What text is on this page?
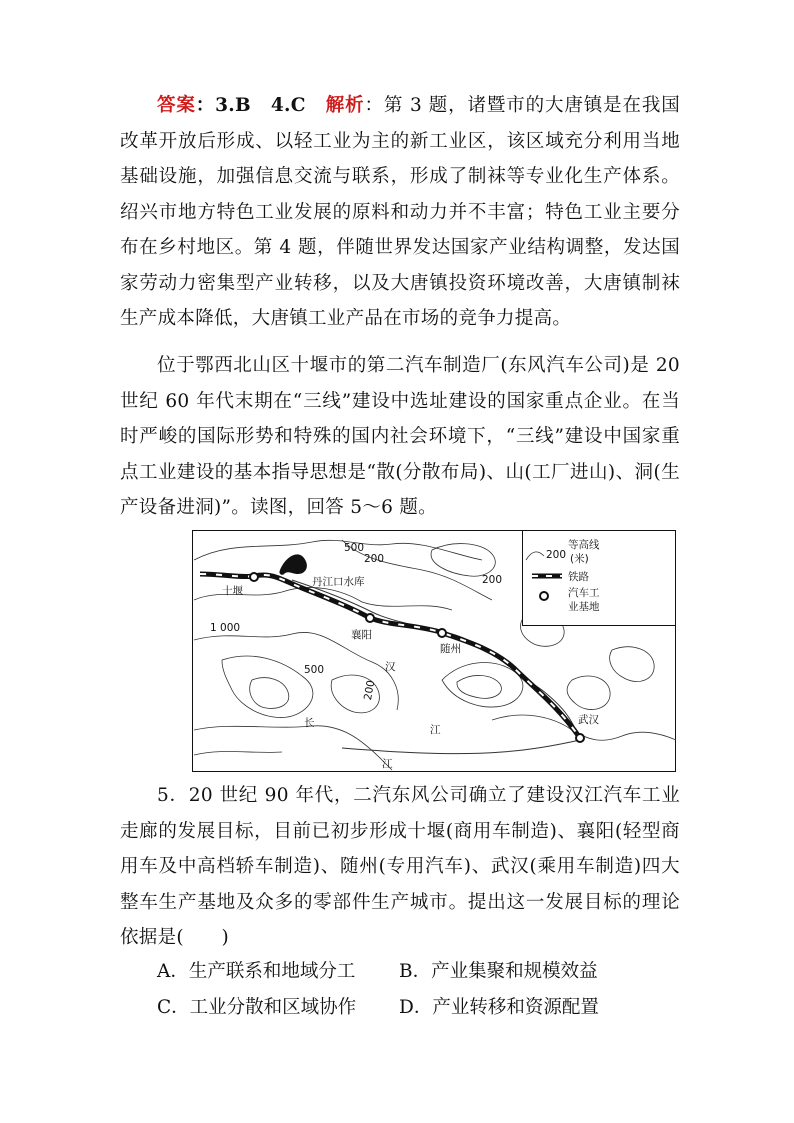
答案：3.B　4.C　解析：第 3 题，诸暨市的大唐镇是在我国改革开放后形成、以轻工业为主的新工业区，该区域充分利用当地基础设施，加强信息交流与联系，形成了制袜等专业化生产体系。绍兴市地方特色工业发展的原料和动力并不丰富；特色工业主要分布在乡村地区。第 4 题，伴随世界发达国家产业结构调整，发达国家劳动力密集型产业转移，以及大唐镇投资环境改善，大唐镇制袜生产成本降低，大唐镇工业产品在市场的竞争力提高。
位于鄂西北山区十堰市的第二汽车制造厂(东风汽车公司)是 20 世纪 60 年代末期在“三线”建设中选址建设的国家重点企业。在当时严峻的国际形势和特殊的国内社会环境下，“三线”建设中国家重点工业建设的基本指导思想是“散(分散布局)、山(工厂进山)、洞(生产设备进洞)”。读图，回答 5～6 题。
500
200
200
1 000
500
200
十堰
襄阳
随州
武汉
丹江口水库
汉
江
长
江
200
等高线
(米)
铁路
汽车工
业基地
5．20 世纪 90 年代，二汽东风公司确立了建设汉江汽车工业走廊的发展目标，目前已初步形成十堰(商用车制造)、襄阳(轻型商用车及中高档轿车制造)、随州(专用汽车)、武汉(乘用车制造)四大整车生产基地及众多的零部件生产城市。提出这一发展目标的理论依据是(　　)
A．生产联系和地域分工 B．产业集聚和规模效益
C．工业分散和区域协作 D．产业转移和资源配置
